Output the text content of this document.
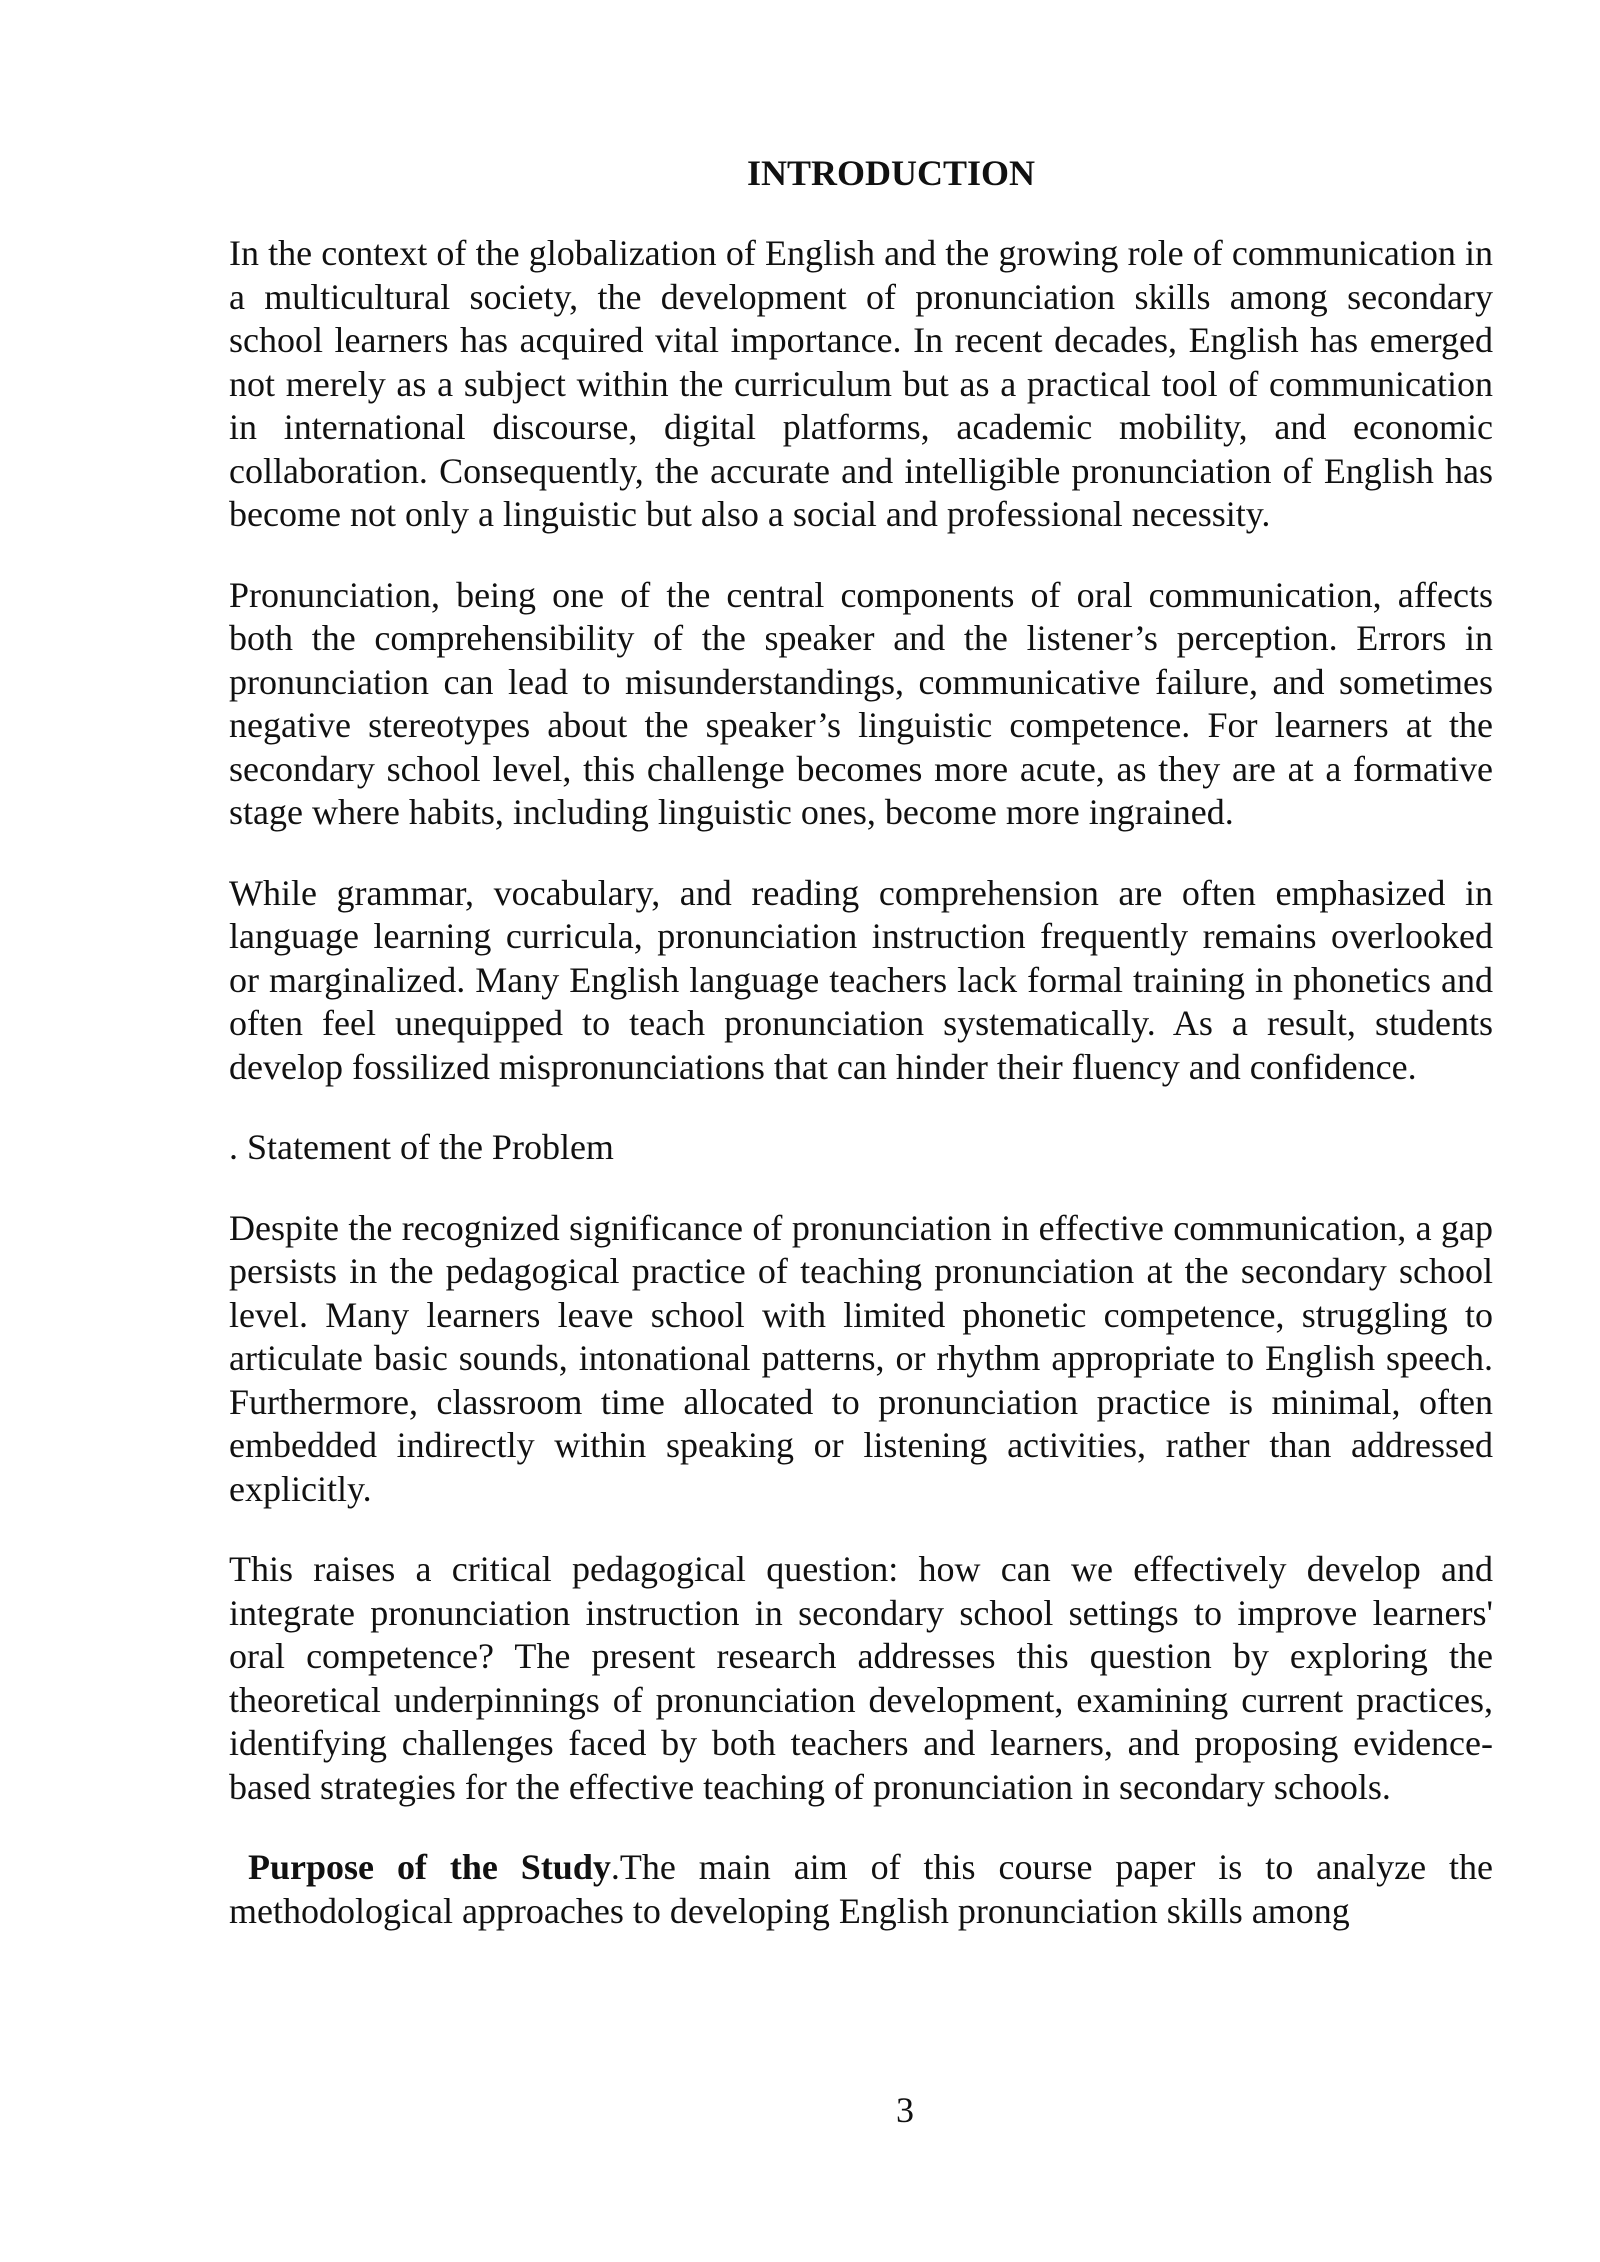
INTRODUCTION

In the context of the globalization of English and the growing role of communication in a multicultural society, the development of pronunciation skills among secondary school learners has acquired vital importance. In recent decades, English has emerged not merely as a subject within the curriculum but as a practical tool of communication in international discourse, digital platforms, academic mobility, and economic collaboration. Consequently, the accurate and intelligible pronunciation of English has become not only a linguistic but also a social and professional necessity.

Pronunciation, being one of the central components of oral communication, affects both the comprehensibility of the speaker and the listener’s perception. Errors in pronunciation can lead to misunderstandings, communicative failure, and sometimes negative stereotypes about the speaker’s linguistic competence. For learners at the secondary school level, this challenge becomes more acute, as they are at a formative stage where habits, including linguistic ones, become more ingrained.

While grammar, vocabulary, and reading comprehension are often emphasized in language learning curricula, pronunciation instruction frequently remains overlooked or marginalized. Many English language teachers lack formal training in phonetics and often feel unequipped to teach pronunciation systematically. As a result, students develop fossilized mispronunciations that can hinder their fluency and confidence.

. Statement of the Problem

Despite the recognized significance of pronunciation in effective communication, a gap persists in the pedagogical practice of teaching pronunciation at the secondary school level. Many learners leave school with limited phonetic competence, struggling to articulate basic sounds, intonational patterns, or rhythm appropriate to English speech. Furthermore, classroom time allocated to pronunciation practice is minimal, often embedded indirectly within speaking or listening activities, rather than addressed explicitly.

This raises a critical pedagogical question: how can we effectively develop and integrate pronunciation instruction in secondary school settings to improve learners' oral competence? The present research addresses this question by exploring the theoretical underpinnings of pronunciation development, examining current practices, identifying challenges faced by both teachers and learners, and proposing evidence-based strategies for the effective teaching of pronunciation in secondary schools.

Purpose of the Study.The main aim of this course paper is to analyze the methodological approaches to developing English pronunciation skills among

3
